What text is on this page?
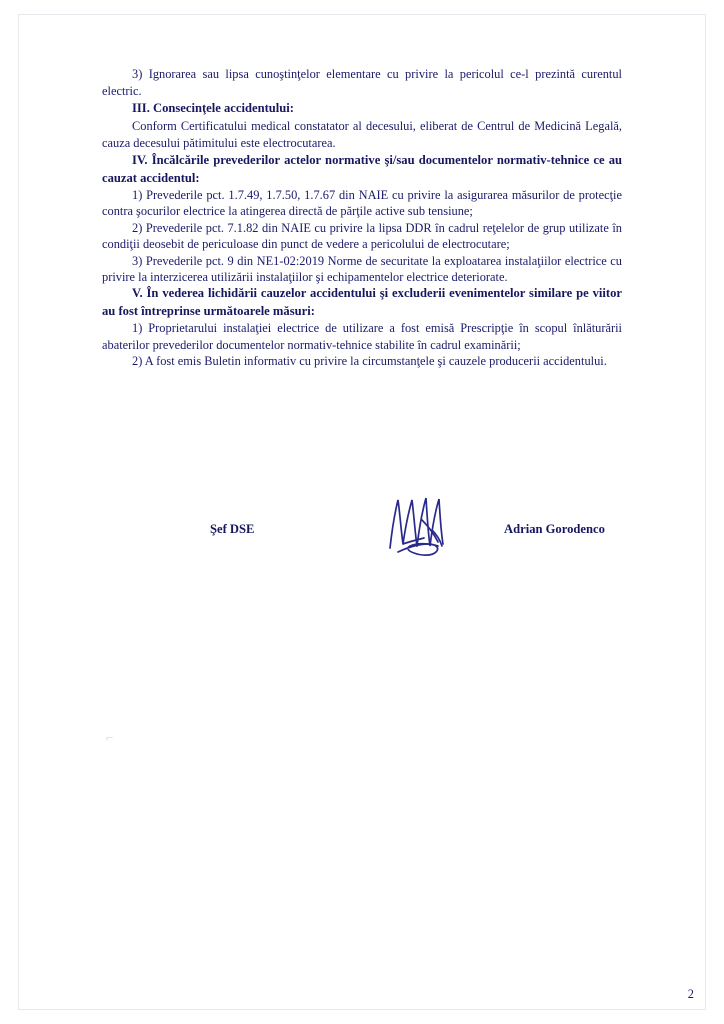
3) Ignorarea sau lipsa cunoştinţelor elementare cu privire la pericolul ce-l prezintă curentul electric.

III. Consecinţele accidentului:

Conform Certificatului medical constatator al decesului, eliberat de Centrul de Medicină Legală, cauza decesului pătimitului este electrocutarea.

IV. Încălcările prevederilor actelor normative şi/sau documentelor normativ-tehnice ce au cauzat accidentul:

1) Prevederile pct. 1.7.49, 1.7.50, 1.7.67 din NAIE cu privire la asigurarea măsurilor de protecţie contra şocurilor electrice la atingerea directă de părţile active sub tensiune;

2) Prevederile pct. 7.1.82 din NAIE cu privire la lipsa DDR în cadrul reţelelor de grup utilizate în condiţii deosebit de periculoase din punct de vedere a pericolului de electrocutare;

3) Prevederile pct. 9 din NE1-02:2019 Norme de securitate la exploatarea instalaţiilor electrice cu privire la interzicerea utilizării instalaţiilor şi echipamentelor electrice deteriorate.

V. În vederea lichidării cauzelor accidentului şi excluderii evenimentelor similare pe viitor au fost întreprinse următoarele măsuri:

1) Proprietarului instalaţiei electrice de utilizare a fost emisă Prescripţie în scopul înlăturării abaterilor prevederilor documentelor normativ-tehnice stabilite în cadrul examinării;

2) A fost emis Buletin informativ cu privire la circumstanţele şi cauzele producerii accidentului.

Şef DSE	Adrian Gorodenco
⌐
2
